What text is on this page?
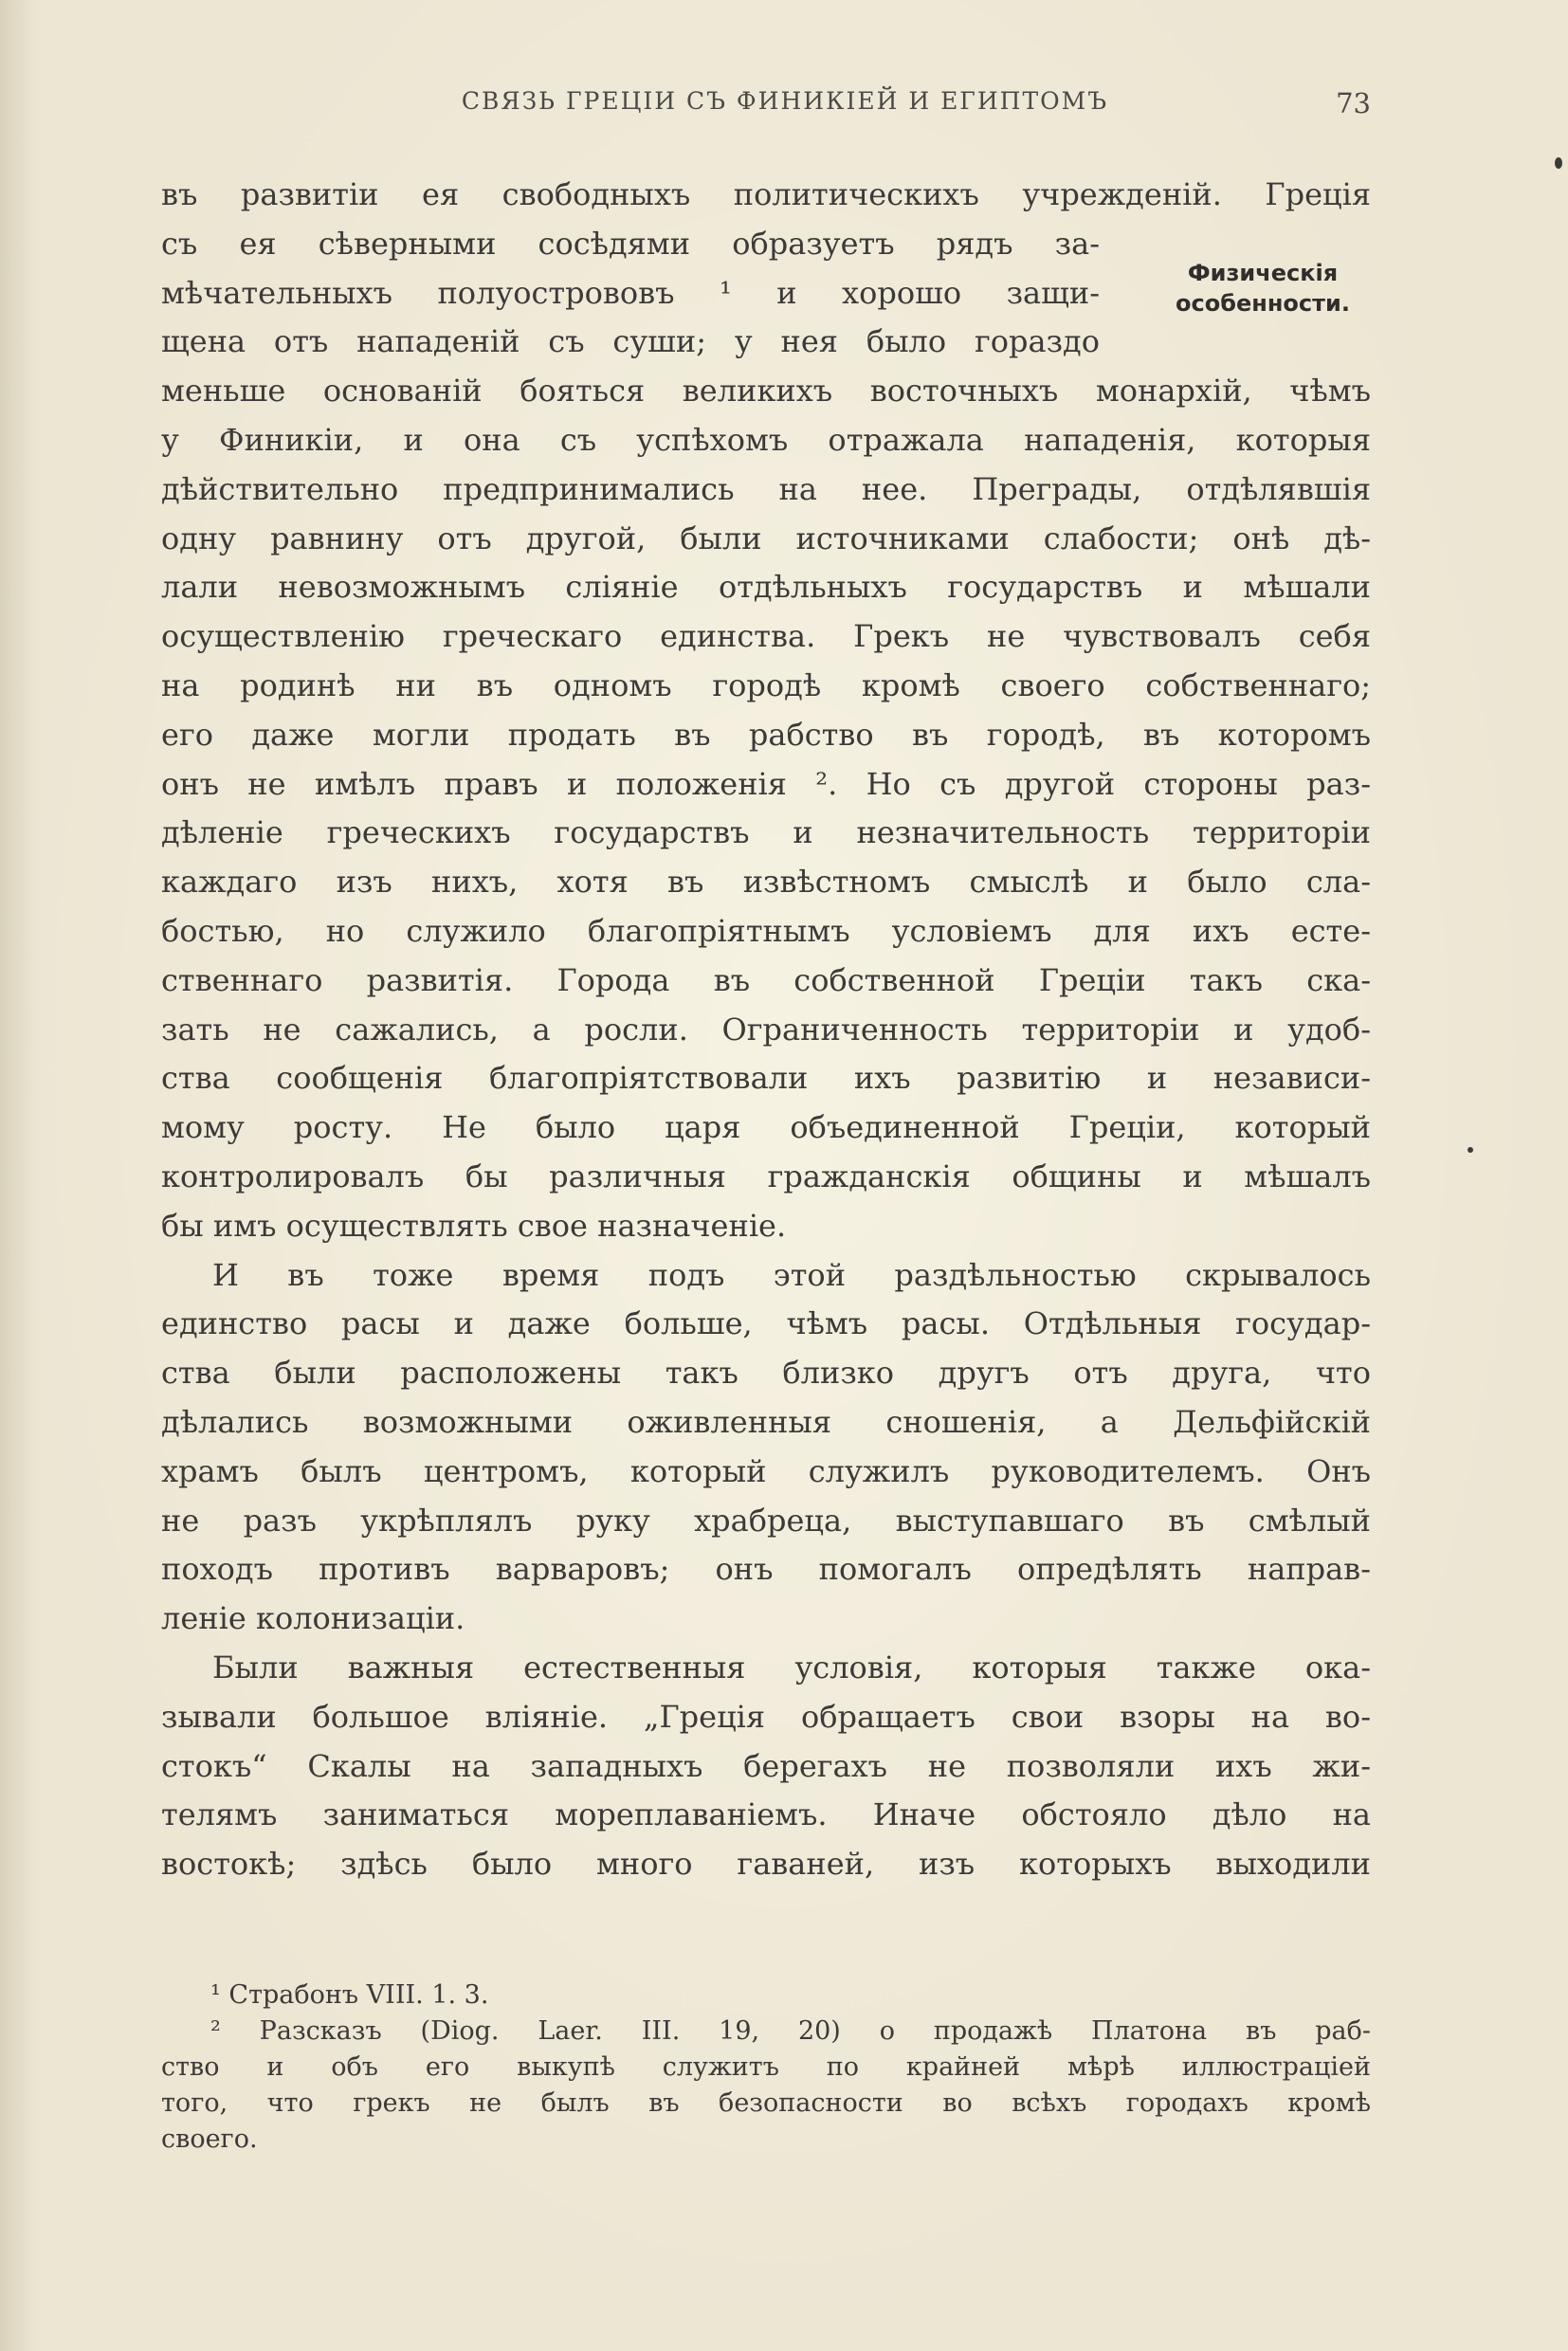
СВЯЗЬ ГРЕЦІИ СЪ ФИНИКІЕЙ И ЕГИПТОМЪ	73
Физическія
особенности.
въ развитіи ея свободныхъ политическихъ учрежденій. Греція
съ ея сѣверными сосѣдями образуетъ рядъ за-
мѣчательныхъ полуострововъ ¹ и хорошо защи-
щена отъ нападеній съ суши; у нея было гораздо
меньше основаній бояться великихъ восточныхъ монархій, чѣмъ
у Финикіи, и она съ успѣхомъ отражала нападенія, которыя
дѣйствительно предпринимались на нее. Преграды, отдѣлявшія
одну равнину отъ другой, были источниками слабости; онѣ дѣ-
лали невозможнымъ сліяніе отдѣльныхъ государствъ и мѣшали
осуществленію греческаго единства. Грекъ не чувствовалъ себя
на родинѣ ни въ одномъ городѣ кромѣ своего собственнаго;
его даже могли продать въ рабство въ городѣ, въ которомъ
онъ не имѣлъ правъ и положенія ². Но съ другой стороны раз-
дѣленіе греческихъ государствъ и незначительность территоріи
каждаго изъ нихъ, хотя въ извѣстномъ смыслѣ и было сла-
бостью, но служило благопріятнымъ условіемъ для ихъ есте-
ственнаго развитія. Города въ собственной Греціи такъ ска-
зать не сажались, а росли. Ограниченность территоріи и удоб-
ства сообщенія благопріятствовали ихъ развитію и независи-
мому росту. Не было царя объединенной Греціи, который
контролировалъ бы различныя гражданскія общины и мѣшалъ
бы имъ осуществлять свое назначеніе.
И въ тоже время подъ этой раздѣльностью скрывалось
единство расы и даже больше, чѣмъ расы. Отдѣльныя государ-
ства были расположены такъ близко другъ отъ друга, что
дѣлались возможными оживленныя сношенія, а Дельфійскій
храмъ былъ центромъ, который служилъ руководителемъ. Онъ
не разъ укрѣплялъ руку храбреца, выступавшаго въ смѣлый
походъ противъ варваровъ; онъ помогалъ опредѣлять направ-
леніе колонизаціи.
Были важныя естественныя условія, которыя также ока-
зывали большое вліяніе. „Греція обращаетъ свои взоры на во-
стокъ“ Скалы на западныхъ берегахъ не позволяли ихъ жи-
телямъ заниматься мореплаваніемъ. Иначе обстояло дѣло на
востокѣ; здѣсь было много гаваней, изъ которыхъ выходили
¹ Страбонъ VIII. 1. 3.
² Разсказъ (Diog. Laer. III. 19, 20) о продажѣ Платона въ раб-
ство и объ его выкупѣ служитъ по крайней мѣрѣ иллюстраціей
того, что грекъ не былъ въ безопасности во всѣхъ городахъ кромѣ
своего.
